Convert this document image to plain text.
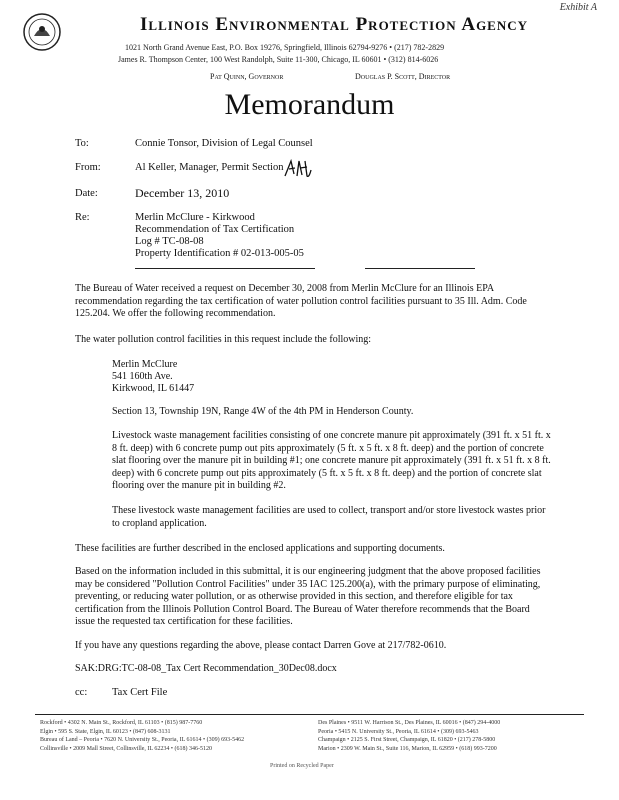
Exhibit A
Illinois Environmental Protection Agency
1021 North Grand Avenue East, P.O. Box 19276, Springfield, Illinois 62794-9276 • (217) 782-2829
James R. Thompson Center, 100 West Randolph, Suite 11-300, Chicago, IL 60601 • (312) 814-6026
Pat Quinn, Governor	Douglas P. Scott, Director
Memorandum
To:	Connie Tonsor, Division of Legal Counsel
From:	Al Keller, Manager, Permit Section
Date:	December 13, 2010
Re:	Merlin McClure - Kirkwood
Recommendation of Tax Certification
Log # TC-08-08
Property Identification # 02-013-005-05
The Bureau of Water received a request on December 30, 2008 from Merlin McClure for an Illinois EPA recommendation regarding the tax certification of water pollution control facilities pursuant to 35 Ill. Adm. Code 125.204. We offer the following recommendation.
The water pollution control facilities in this request include the following:
Merlin McClure
541 160th Ave.
Kirkwood, IL 61447
Section 13, Township 19N, Range 4W of the 4th PM in Henderson County.
Livestock waste management facilities consisting of one concrete manure pit approximately (391 ft. x 51 ft. x 8 ft. deep) with 6 concrete pump out pits approximately (5 ft. x 5 ft. x 8 ft. deep) and the portion of concrete slat flooring over the manure pit in building #1; one concrete manure pit approximately (391 ft. x 51 ft. x 8 ft. deep) with 6 concrete pump out pits approximately (5 ft. x 5 ft. x 8 ft. deep) and the portion of concrete slat flooring over the manure pit in building #2.
These livestock waste management facilities are used to collect, transport and/or store livestock wastes prior to cropland application.
These facilities are further described in the enclosed applications and supporting documents.
Based on the information included in this submittal, it is our engineering judgment that the above proposed facilities may be considered "Pollution Control Facilities" under 35 IAC 125.200(a), with the primary purpose of eliminating, preventing, or reducing water pollution, or as otherwise provided in this section, and therefore eligible for tax certification from the Illinois Pollution Control Board. The Bureau of Water therefore recommends that the Board issue the requested tax certification for these facilities.
If you have any questions regarding the above, please contact Darren Gove at 217/782-0610.
SAK:DRG:TC-08-08_Tax Cert Recommendation_30Dec08.docx
cc: Tax Cert File
Rockford • 4302 N. Main St., Rockford, IL 61103 • (815) 987-7760
Elgin • 595 S. State, Elgin, IL 60123 • (847) 608-3131
Bureau of Land – Peoria • 7620 N. University St., Peoria, IL 61614 • (309) 693-5462
Collinsville • 2009 Mall Street, Collinsville, IL 62234 • (618) 346-5120
Des Plaines • 9511 W. Harrison St., Des Plaines, IL 60016 • (847) 294-4000
Peoria • 5415 N. University St., Peoria, IL 61614 • (309) 693-5463
Champaign • 2125 S. First Street, Champaign, IL 61820 • (217) 278-5800
Marion • 2309 W. Main St., Suite 116, Marion, IL 62959 • (618) 993-7200
Printed on Recycled Paper
